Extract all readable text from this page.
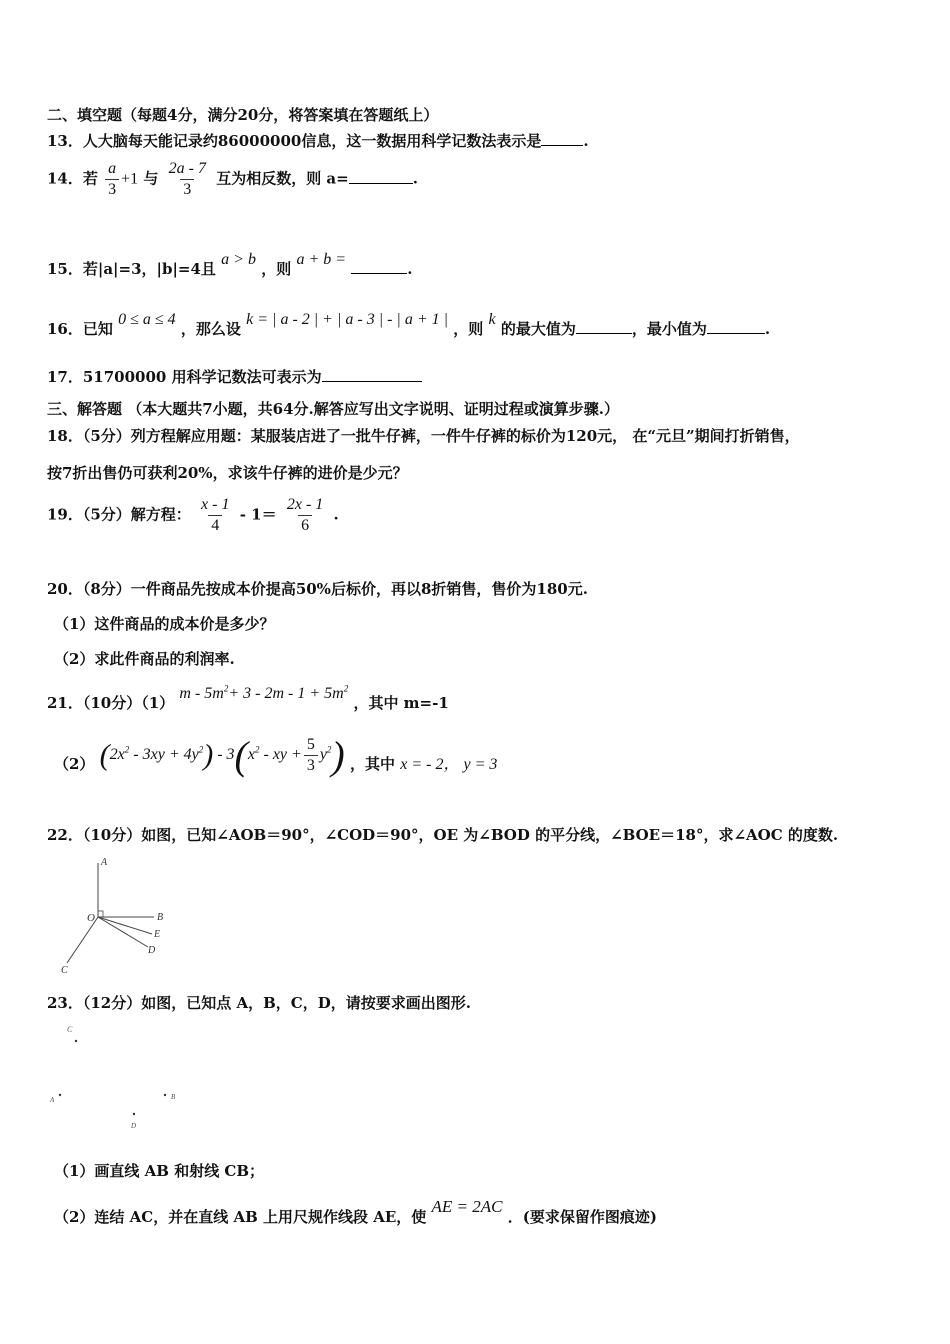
二、填空题（每题4分，满分20分，将答案填在答题纸上）
13．人大脑每天能记录约86000000信息，这一数据用科学记数法表示是	.
14．若 $\frac{a}{3} +1$ 与 $\frac{2a - 7}{3}$ 互为相反数，则 a=	.
15．若|a|=3，|b|=4且 a > b ，则 a + b = .
16．已知 0 ≤ a ≤ 4 ，那么设 k = | a - 2 | + | a - 3 | - | a + 1 | ，则 k 的最大值为	，最小值为	.
17．51700000 用科学记数法可表示为
三、解答题 （本大题共7小题，共64分.解答应写出文字说明、证明过程或演算步骤.）
18．（5分）列方程解应用题：某服装店进了一批牛仔裤，一件牛仔裤的标价为120元， 在“元旦”期间打折销售，
按7折出售仍可获利20%，求该牛仔裤的进价是少元？
19．（5分）解方程： $\frac{x - 1}{4} - 1= \frac{2x - 1}{6}$ .
20．（8分）一件商品先按成本价提高50%后标价，再以8折销售，售价为180元.
（1）这件商品的成本价是多少？
（2）求此件商品的利润率.
21．（10分）（1） $m - 5m^2+ 3 - 2m - 1 + 5m^2$ ，其中 m=-1
（2） $(2x^2 - 3xy + 4y^2) - 3(x^2$ - xy + $\frac{5}{3} y^2$) ，其中 x = - 2， y = 3
22．（10分）如图，已知∠AOB＝90°，∠COD＝90°，OE 为∠BOD 的平分线，∠BOE＝18°，求∠AOC 的度数.
A
O	B
E
D
C
23．（12分）如图，已知点 A，B，C，D，请按要求画出图形.
C
A	B
D
（1）画直线 AB 和射线 CB；
（2）连结 AC，并在直线 AB 上用尺规作线段 AE，使 AE = 2AC ．(要求保留作图痕迹)
